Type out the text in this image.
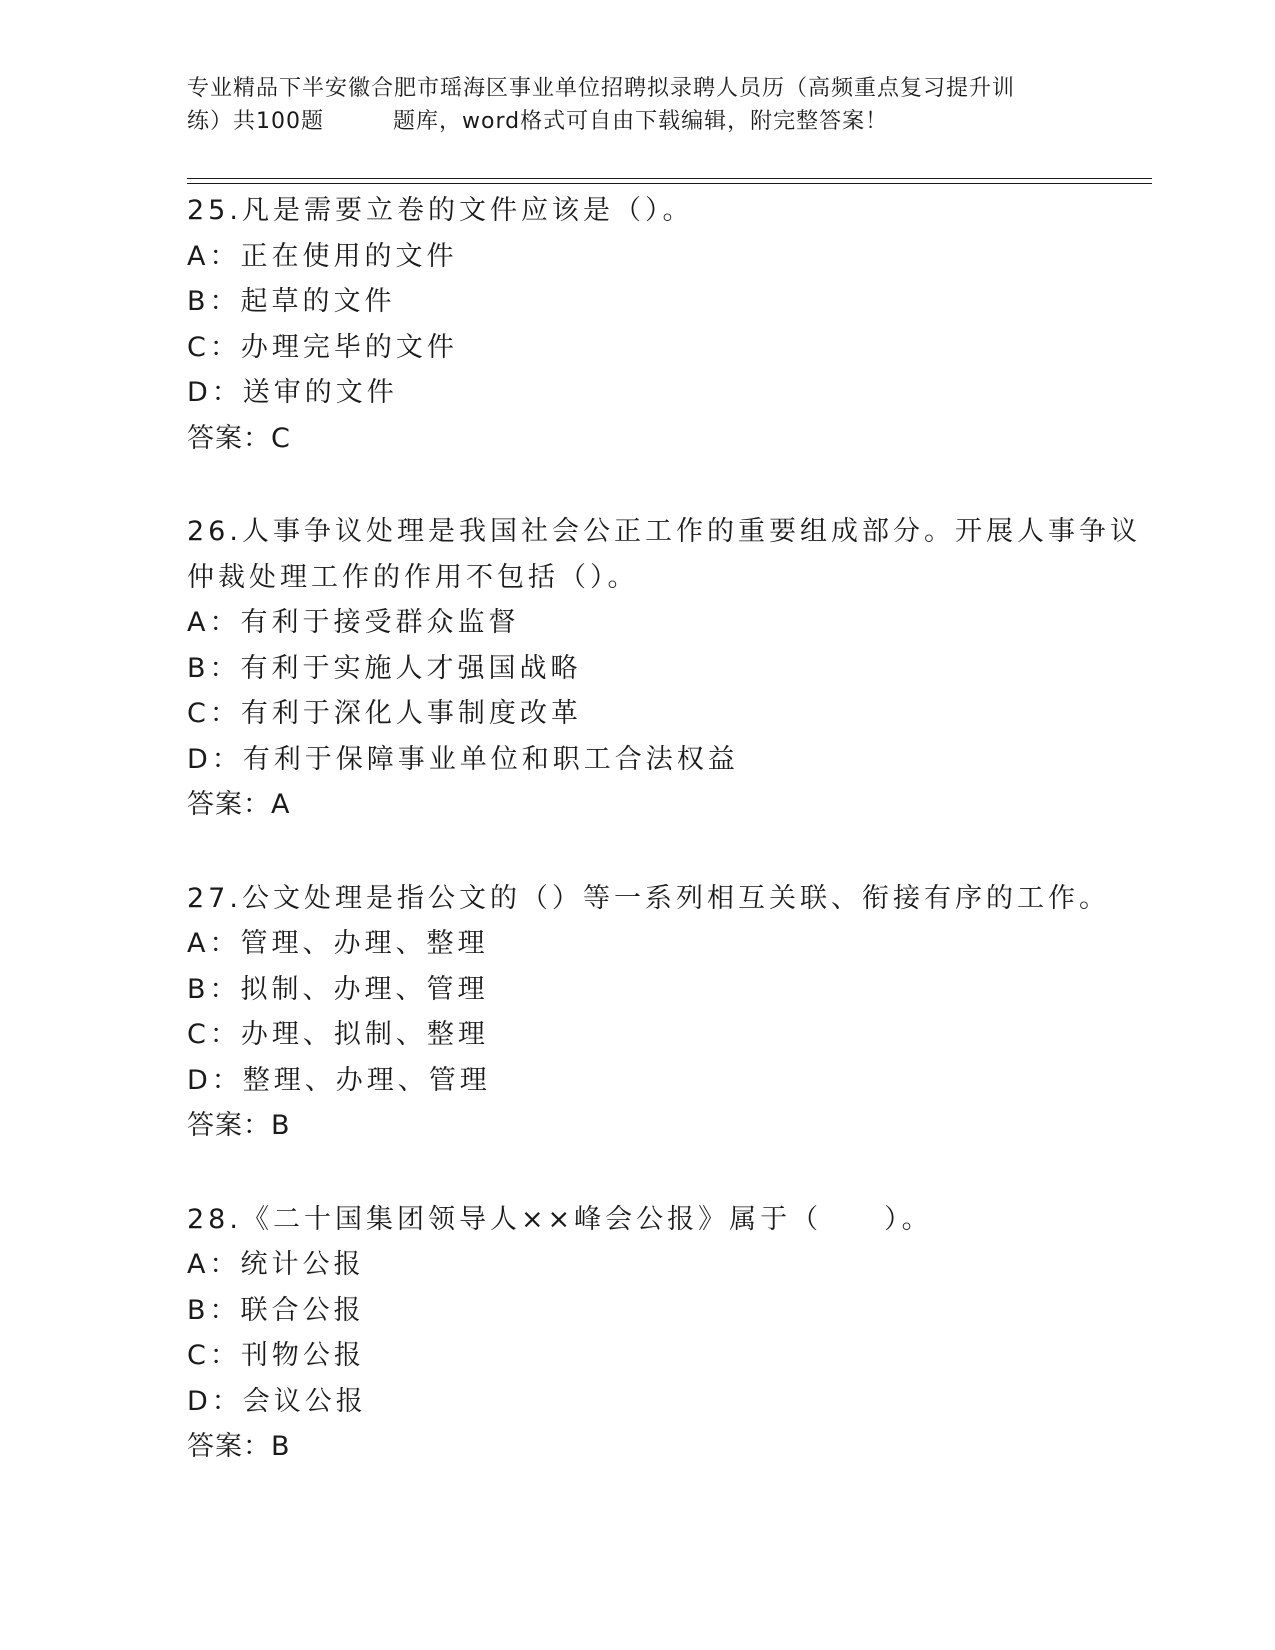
专业精品下半安徽合肥市瑶海区事业单位招聘拟录聘人员历（高频重点复习提升训
练）共100题　　　题库，word格式可自由下载编辑，附完整答案！
25.凡是需要立卷的文件应该是（）。
A：正在使用的文件
B：起草的文件
C：办理完毕的文件
D：送审的文件
答案：C
26.人事争议处理是我国社会公正工作的重要组成部分。开展人事争议
仲裁处理工作的作用不包括（）。
A：有利于接受群众监督
B：有利于实施人才强国战略
C：有利于深化人事制度改革
D：有利于保障事业单位和职工合法权益
答案：A
27.公文处理是指公文的（）等一系列相互关联、衔接有序的工作。
A：管理、办理、整理
B：拟制、办理、管理
C：办理、拟制、整理
D：整理、办理、管理
答案：B
28.《二十国集团领导人××峰会公报》属于（　　）。
A：统计公报
B：联合公报
C：刊物公报
D：会议公报
答案：B
